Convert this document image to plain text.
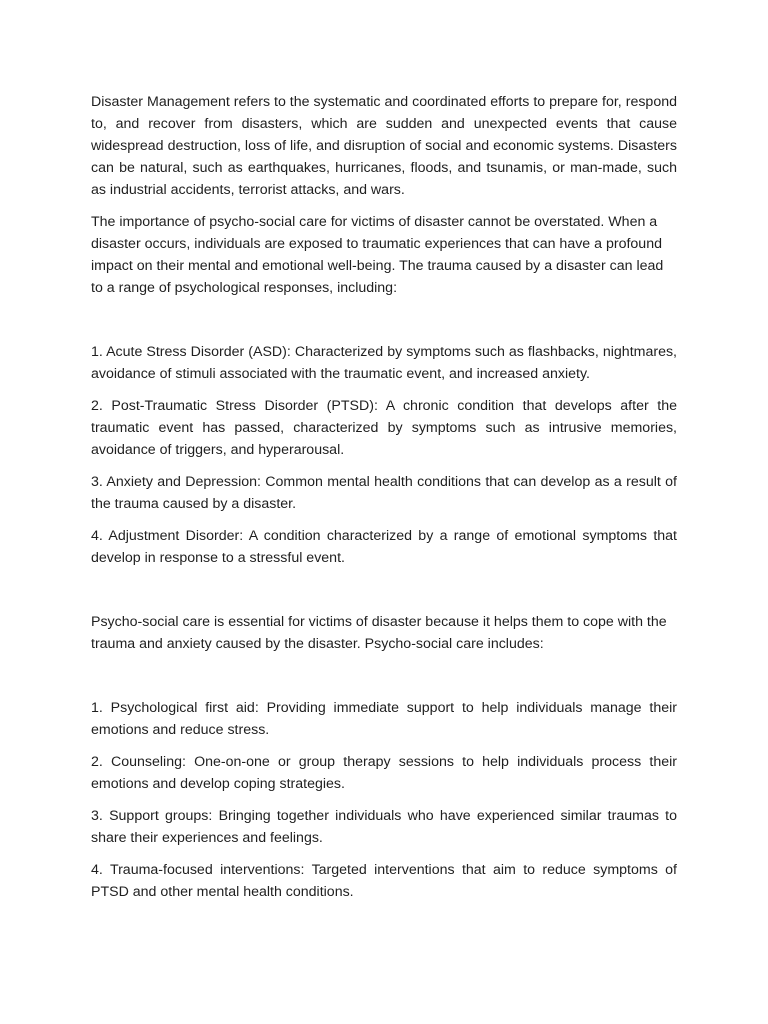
Disaster Management refers to the systematic and coordinated efforts to prepare for, respond to, and recover from disasters, which are sudden and unexpected events that cause widespread destruction, loss of life, and disruption of social and economic systems. Disasters can be natural, such as earthquakes, hurricanes, floods, and tsunamis, or man-made, such as industrial accidents, terrorist attacks, and wars.

The importance of psycho-social care for victims of disaster cannot be overstated. When a disaster occurs, individuals are exposed to traumatic experiences that can have a profound impact on their mental and emotional well-being. The trauma caused by a disaster can lead to a range of psychological responses, including:

1. Acute Stress Disorder (ASD): Characterized by symptoms such as flashbacks, nightmares, avoidance of stimuli associated with the traumatic event, and increased anxiety.

2. Post-Traumatic Stress Disorder (PTSD): A chronic condition that develops after the traumatic event has passed, characterized by symptoms such as intrusive memories, avoidance of triggers, and hyperarousal.

3. Anxiety and Depression: Common mental health conditions that can develop as a result of the trauma caused by a disaster.

4. Adjustment Disorder: A condition characterized by a range of emotional symptoms that develop in response to a stressful event.

Psycho-social care is essential for victims of disaster because it helps them to cope with the trauma and anxiety caused by the disaster. Psycho-social care includes:

1. Psychological first aid: Providing immediate support to help individuals manage their emotions and reduce stress.

2. Counseling: One-on-one or group therapy sessions to help individuals process their emotions and develop coping strategies.

3. Support groups: Bringing together individuals who have experienced similar traumas to share their experiences and feelings.

4. Trauma-focused interventions: Targeted interventions that aim to reduce symptoms of PTSD and other mental health conditions.
